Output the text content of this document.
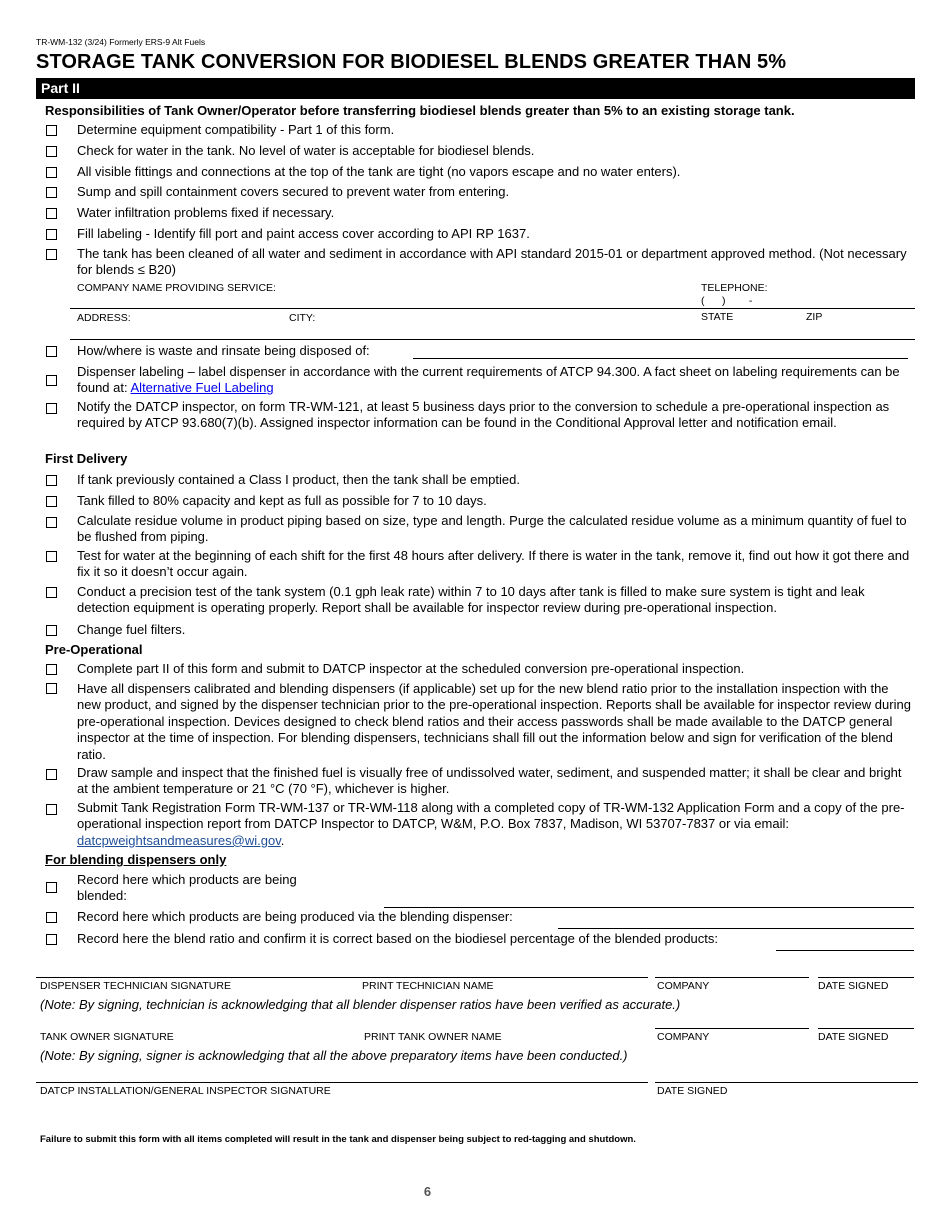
TR-WM-132 (3/24) Formerly ERS-9 Alt Fuels
STORAGE TANK CONVERSION FOR BIODIESEL BLENDS GREATER THAN 5%
Part II
Responsibilities of Tank Owner/Operator before transferring biodiesel blends greater than 5% to an existing storage tank.
Determine equipment compatibility - Part 1 of this form.
Check for water in the tank. No level of water is acceptable for biodiesel blends.
All visible fittings and connections at the top of the tank are tight (no vapors escape and no water enters).
Sump and spill containment covers secured to prevent water from entering.
Water infiltration problems fixed if necessary.
Fill labeling - Identify fill port and paint access cover according to API RP 1637.
The tank has been cleaned of all water and sediment in accordance with API standard 2015-01 or department approved method. (Not necessary for blends ≤ B20)
COMPANY NAME PROVIDING SERVICE:	TELEPHONE:
(      )        -
ADDRESS:	CITY:	STATE	ZIP
How/where is waste and rinsate being disposed of:
Dispenser labeling – label dispenser in accordance with the current requirements of ATCP 94.300. A fact sheet on labeling requirements can be found at: Alternative Fuel Labeling
Notify the DATCP inspector, on form TR-WM-121, at least 5 business days prior to the conversion to schedule a pre-operational inspection as required by ATCP 93.680(7)(b). Assigned inspector information can be found in the Conditional Approval letter and notification email.
First Delivery
If tank previously contained a Class I product, then the tank shall be emptied.
Tank filled to 80% capacity and kept as full as possible for 7 to 10 days.
Calculate residue volume in product piping based on size, type and length. Purge the calculated residue volume as a minimum quantity of fuel to be flushed from piping.
Test for water at the beginning of each shift for the first 48 hours after delivery. If there is water in the tank, remove it, find out how it got there and fix it so it doesn’t occur again.
Conduct a precision test of the tank system (0.1 gph leak rate) within 7 to 10 days after tank is filled to make sure system is tight and leak detection equipment is operating properly. Report shall be available for inspector review during pre-operational inspection.
Change fuel filters.
Pre-Operational
Complete part II of this form and submit to DATCP inspector at the scheduled conversion pre-operational inspection.
Have all dispensers calibrated and blending dispensers (if applicable) set up for the new blend ratio prior to the installation inspection with the new product, and signed by the dispenser technician prior to the pre-operational inspection. Reports shall be available for inspector review during pre-operational inspection. Devices designed to check blend ratios and their access passwords shall be made available to the DATCP general inspector at the time of inspection. For blending dispensers, technicians shall fill out the information below and sign for verification of the blend ratio.
Draw sample and inspect that the finished fuel is visually free of undissolved water, sediment, and suspended matter; it shall be clear and bright at the ambient temperature or 21 °C (70 °F), whichever is higher.
Submit Tank Registration Form TR-WM-137 or TR-WM-118 along with a completed copy of TR-WM-132 Application Form and a copy of the pre-operational inspection report from DATCP Inspector to DATCP, W&M, P.O. Box 7837, Madison, WI 53707-7837 or via email: datcpweightsandmeasures@wi.gov.
For blending dispensers only
Record here which products are being blended:
Record here which products are being produced via the blending dispenser:
Record here the blend ratio and confirm it is correct based on the biodiesel percentage of the blended products:
DISPENSER TECHNICIAN SIGNATURE	PRINT TECHNICIAN NAME	COMPANY	DATE SIGNED
(Note: By signing, technician is acknowledging that all blender dispenser ratios have been verified as accurate.)
TANK OWNER SIGNATURE	PRINT TANK OWNER NAME	COMPANY	DATE SIGNED
(Note: By signing, signer is acknowledging that all the above preparatory items have been conducted.)
DATCP INSTALLATION/GENERAL INSPECTOR SIGNATURE	DATE SIGNED
Failure to submit this form with all items completed will result in the tank and dispenser being subject to red-tagging and shutdown.
6
